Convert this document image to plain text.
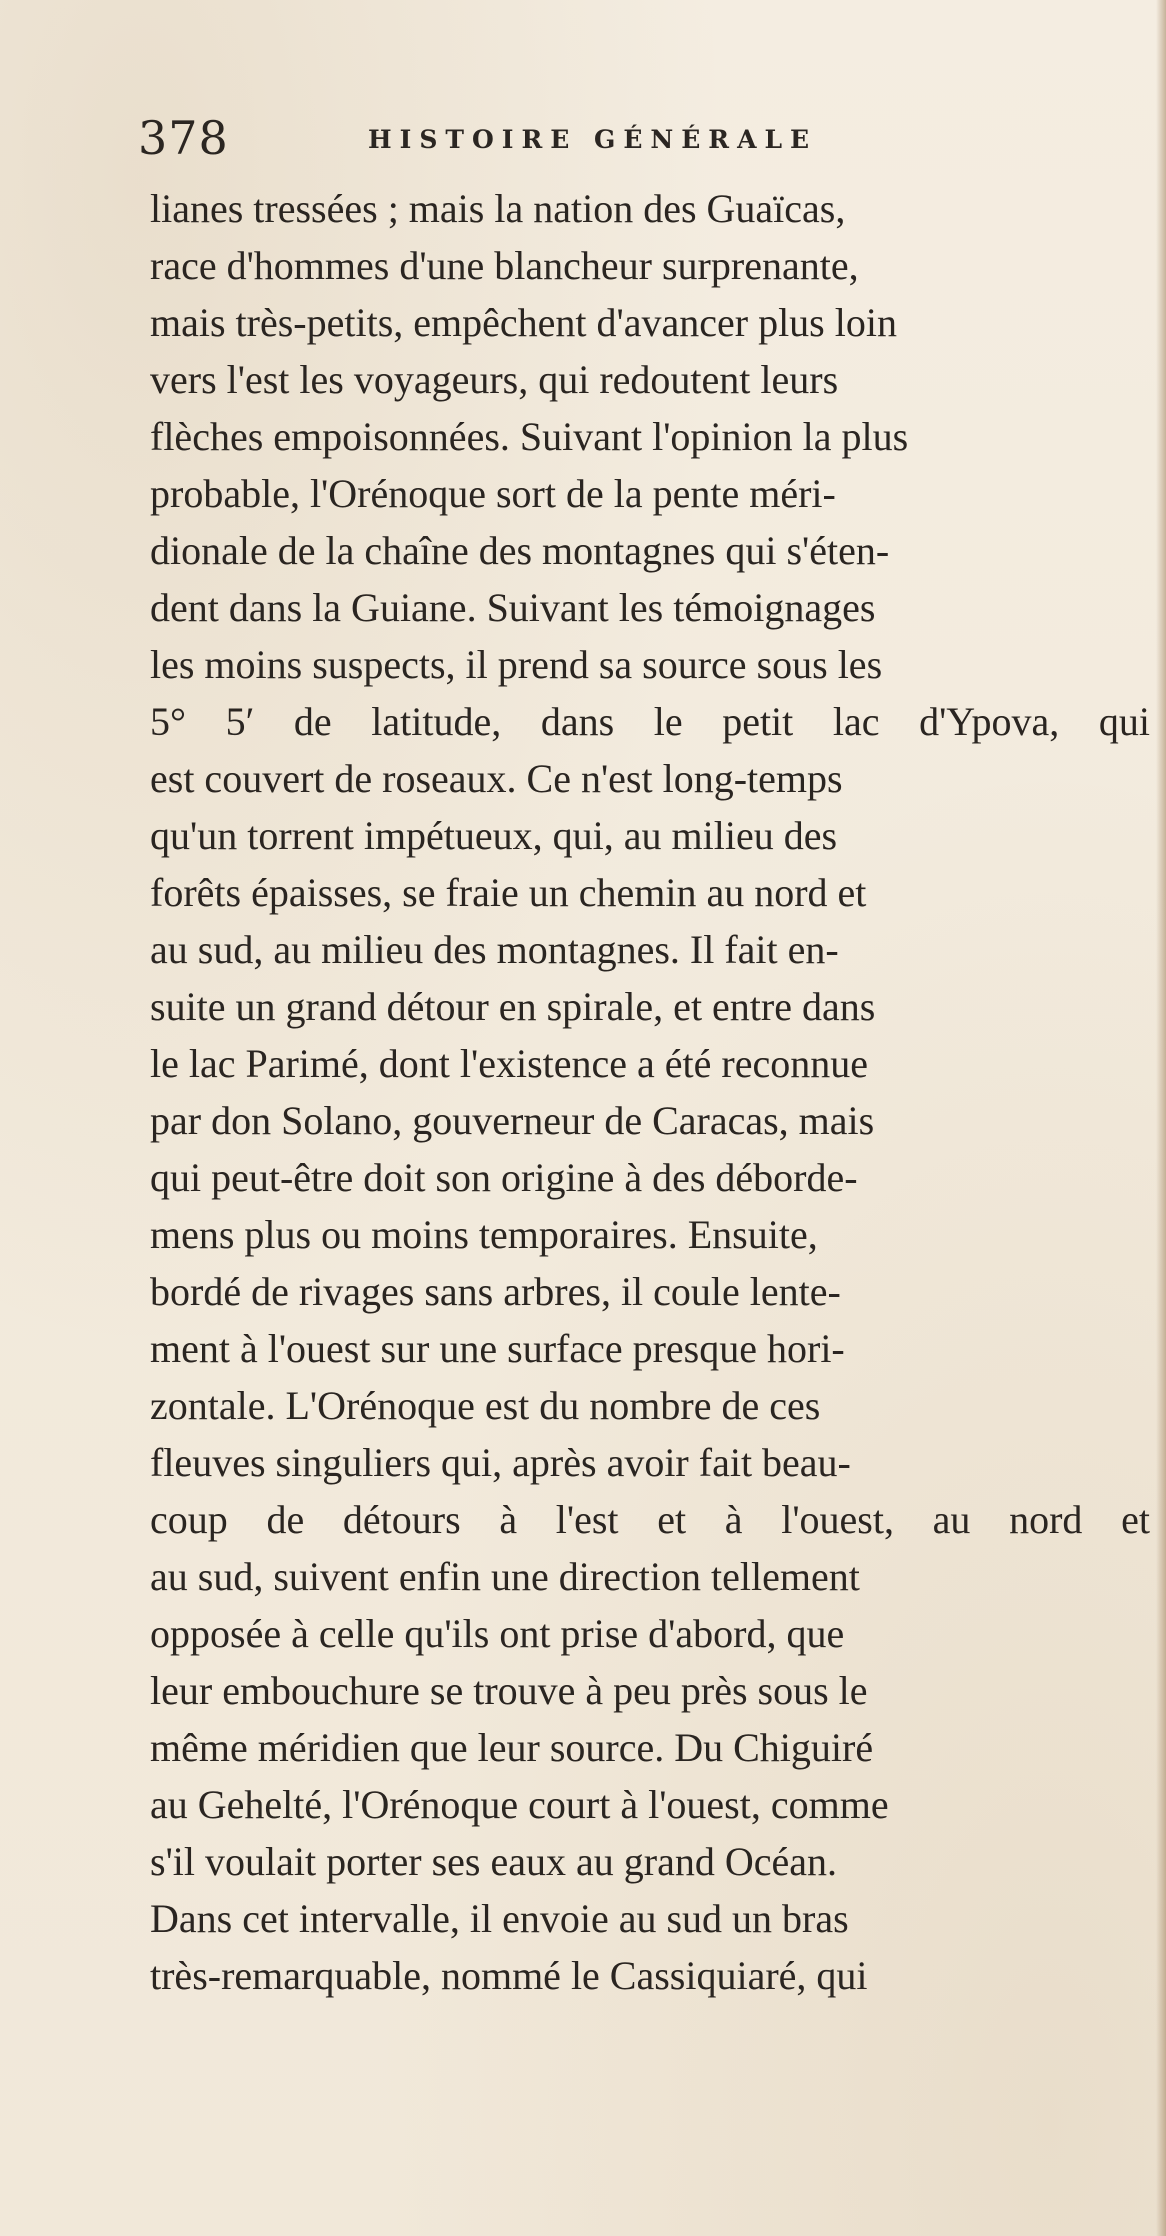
378	HISTOIRE GÉNÉRALE
lianes tressées ; mais la nation des Guaïcas,
race d'hommes d'une blancheur surprenante,
mais très-petits, empêchent d'avancer plus loin
vers l'est les voyageurs, qui redoutent leurs
flèches empoisonnées. Suivant l'opinion la plus
probable, l'Orénoque sort de la pente méri-
dionale de la chaîne des montagnes qui s'éten-
dent dans la Guiane. Suivant les témoignages
les moins suspects, il prend sa source sous les
5° 5′ de latitude, dans le petit lac d'Ypova, qui
est couvert de roseaux. Ce n'est long-temps
qu'un torrent impétueux, qui, au milieu des
forêts épaisses, se fraie un chemin au nord et
au sud, au milieu des montagnes. Il fait en-
suite un grand détour en spirale, et entre dans
le lac Parimé, dont l'existence a été reconnue
par don Solano, gouverneur de Caracas, mais
qui peut-être doit son origine à des déborde-
mens plus ou moins temporaires. Ensuite,
bordé de rivages sans arbres, il coule lente-
ment à l'ouest sur une surface presque hori-
zontale. L'Orénoque est du nombre de ces
fleuves singuliers qui, après avoir fait beau-
coup de détours à l'est et à l'ouest, au nord et
au sud, suivent enfin une direction tellement
opposée à celle qu'ils ont prise d'abord, que
leur embouchure se trouve à peu près sous le
même méridien que leur source. Du Chiguiré
au Gehelté, l'Orénoque court à l'ouest, comme
s'il voulait porter ses eaux au grand Océan.
Dans cet intervalle, il envoie au sud un bras
très-remarquable, nommé le Cassiquiaré, qui
